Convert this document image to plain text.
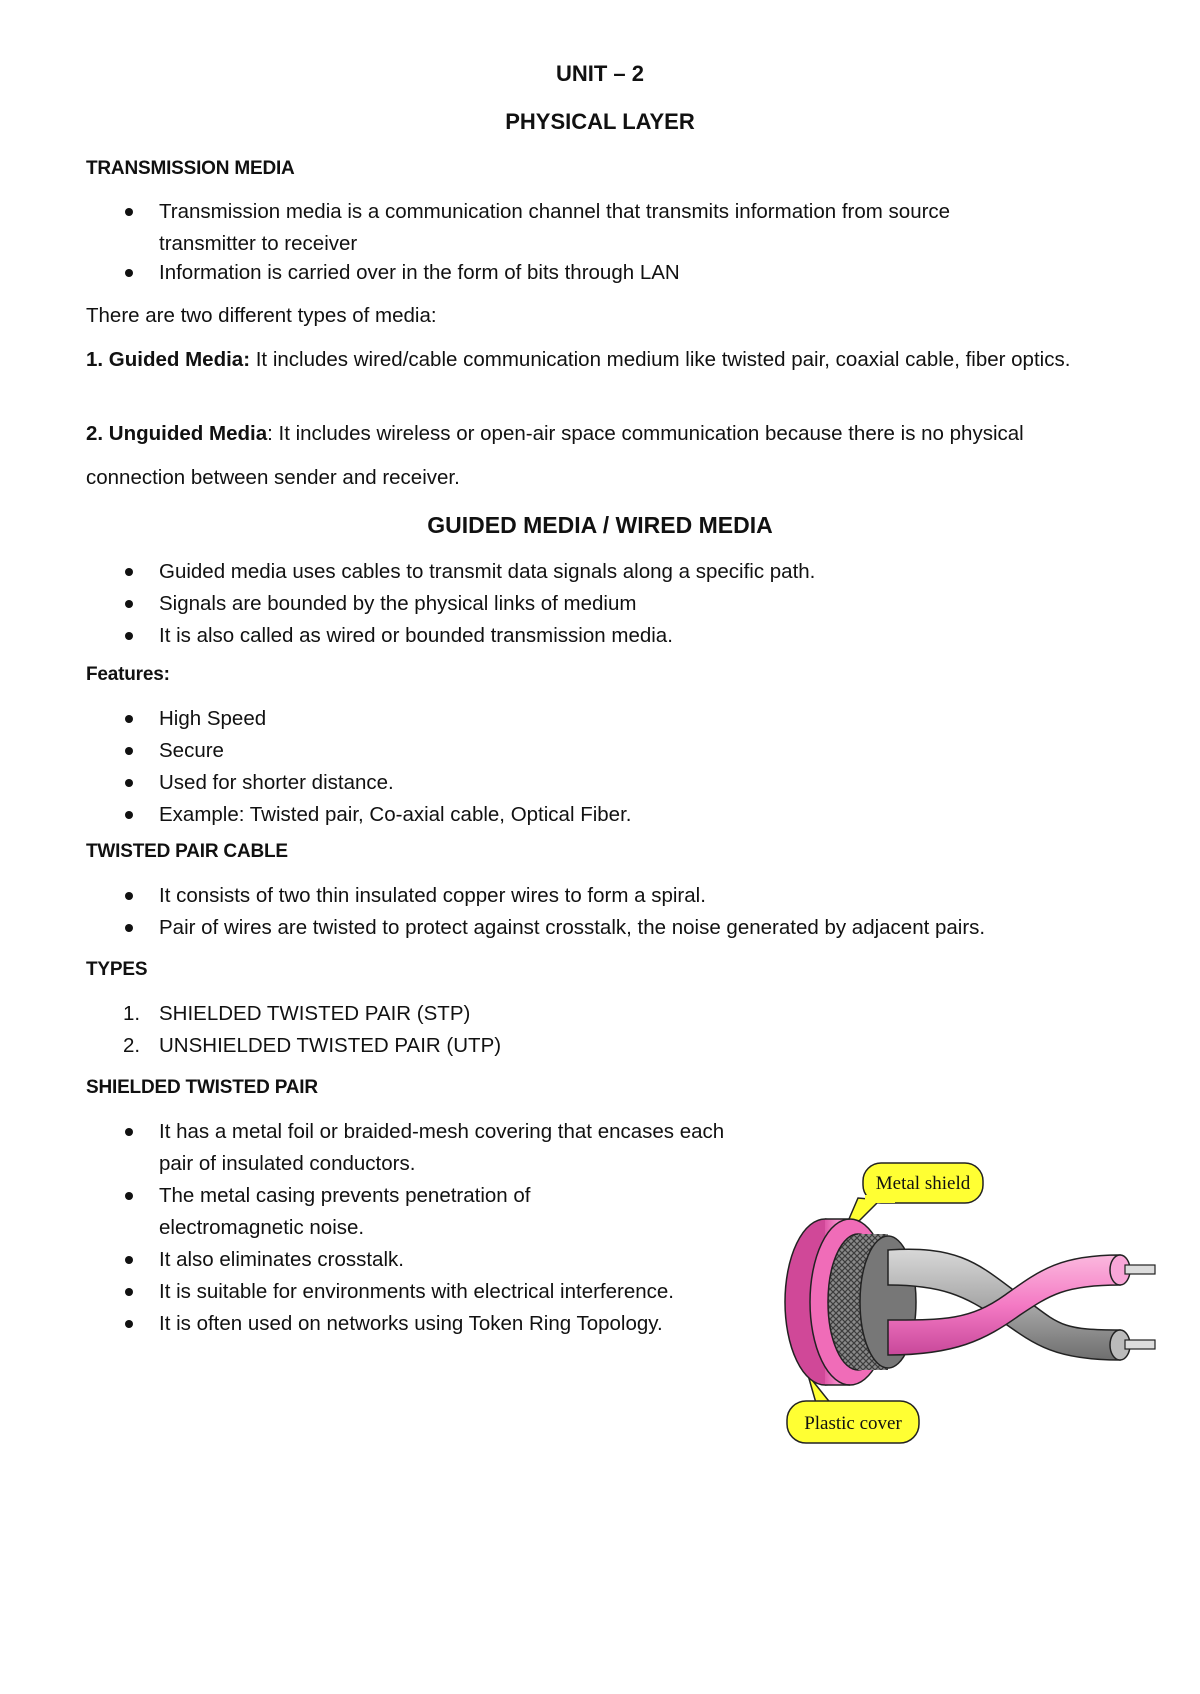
UNIT – 2
PHYSICAL LAYER
TRANSMISSION MEDIA
Transmission media is a communication channel that transmits information from source transmitter to receiver
Information is carried over in the form of bits through LAN
There are two different types of media:
1. Guided Media: It includes wired/cable communication medium like twisted pair, coaxial cable, fiber optics.
2. Unguided Media: It includes wireless or open-air space communication because there is no physical
connection between sender and receiver.
GUIDED MEDIA / WIRED MEDIA
Guided media uses cables to transmit data signals along a specific path.
Signals are bounded by the physical links of medium
It is also called as wired or bounded transmission media.
Features:
High Speed
Secure
Used for shorter distance.
Example: Twisted pair, Co-axial cable, Optical Fiber.
TWISTED PAIR CABLE
It consists of two thin insulated copper wires to form a spiral.
Pair of wires are twisted to protect against crosstalk, the noise generated by adjacent pairs.
TYPES
1. SHIELDED TWISTED PAIR (STP)
2. UNSHIELDED TWISTED PAIR (UTP)
SHIELDED TWISTED PAIR
It has a metal foil or braided-mesh covering that encases each pair of insulated conductors.
The metal casing prevents penetration of electromagnetic noise.
It also eliminates crosstalk.
It is suitable for environments with electrical interference.
It is often used on networks using Token Ring Topology.
Metal shield
Plastic cover
